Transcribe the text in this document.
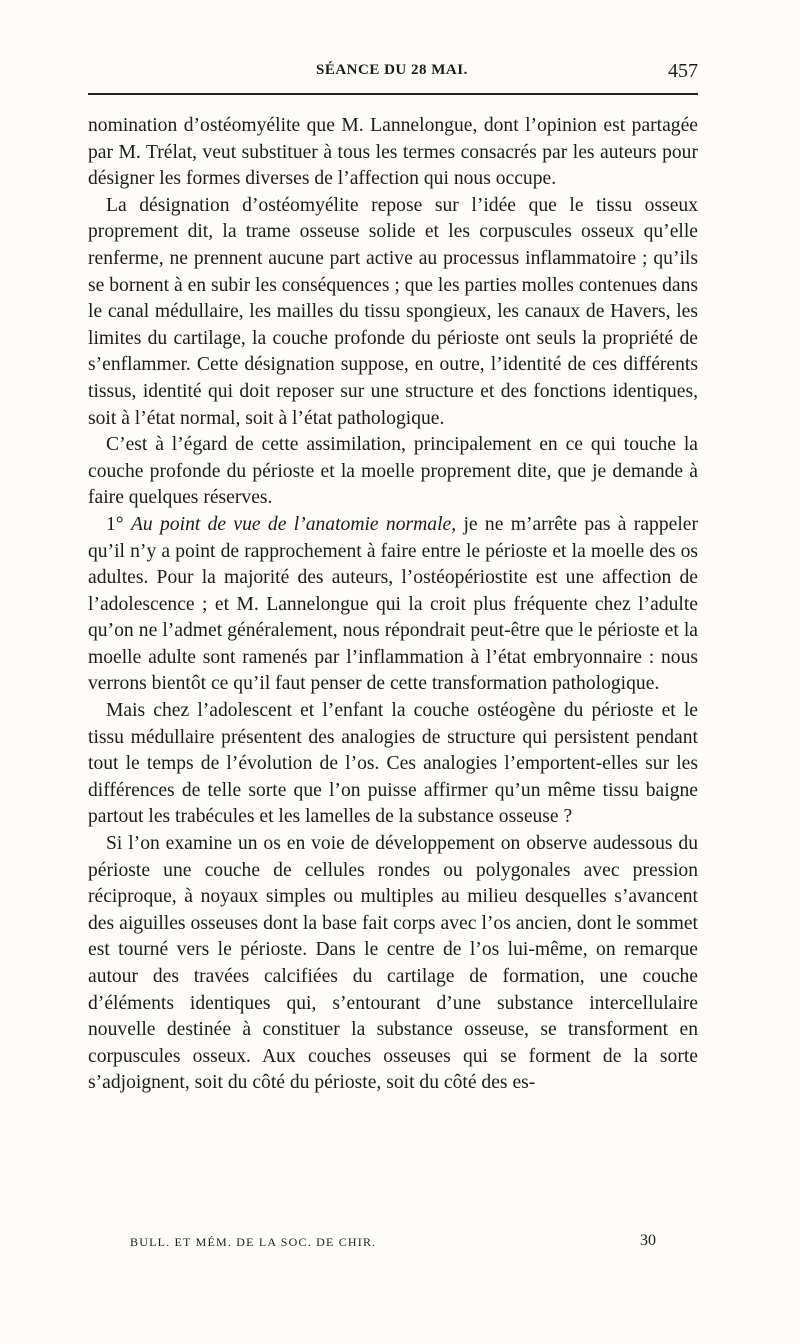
SÉANCE DU 28 MAI.	457

nomination d’ostéomyélite que M. Lannelongue, dont l’opinion est partagée par M. Trélat, veut substituer à tous les termes consacrés par les auteurs pour désigner les formes diverses de l’affection qui nous occupe.

La désignation d’ostéomyélite repose sur l’idée que le tissu osseux proprement dit, la trame osseuse solide et les corpuscules osseux qu’elle renferme, ne prennent aucune part active au processus inflammatoire ; qu’ils se bornent à en subir les conséquences ; que les parties molles contenues dans le canal médullaire, les mailles du tissu spongieux, les canaux de Havers, les limites du cartilage, la couche profonde du périoste ont seuls la propriété de s’enflammer. Cette désignation suppose, en outre, l’identité de ces différents tissus, identité qui doit reposer sur une structure et des fonctions identiques, soit à l’état normal, soit à l’état pathologique.

C’est à l’égard de cette assimilation, principalement en ce qui touche la couche profonde du périoste et la moelle proprement dite, que je demande à faire quelques réserves.

1° Au point de vue de l’anatomie normale, je ne m’arrête pas à rappeler qu’il n’y a point de rapprochement à faire entre le périoste et la moelle des os adultes. Pour la majorité des auteurs, l’ostéopériostite est une affection de l’adolescence ; et M. Lannelongue qui la croit plus fréquente chez l’adulte qu’on ne l’admet généralement, nous répondrait peut-être que le périoste et la moelle adulte sont ramenés par l’inflammation à l’état embryonnaire : nous verrons bientôt ce qu’il faut penser de cette transformation pathologique.

Mais chez l’adolescent et l’enfant la couche ostéogène du périoste et le tissu médullaire présentent des analogies de structure qui persistent pendant tout le temps de l’évolution de l’os. Ces analogies l’emportent-elles sur les différences de telle sorte que l’on puisse affirmer qu’un même tissu baigne partout les trabécules et les lamelles de la substance osseuse ?

Si l’on examine un os en voie de développement on observe audessous du périoste une couche de cellules rondes ou polygonales avec pression réciproque, à noyaux simples ou multiples au milieu desquelles s’avancent des aiguilles osseuses dont la base fait corps avec l’os ancien, dont le sommet est tourné vers le périoste. Dans le centre de l’os lui-même, on remarque autour des travées calcifiées du cartilage de formation, une couche d’éléments identiques qui, s’entourant d’une substance intercellulaire nouvelle destinée à constituer la substance osseuse, se transforment en corpuscules osseux. Aux couches osseuses qui se forment de la sorte s’adjoignent, soit du côté du périoste, soit du côté des es-

BULL. ET MÉM. DE LA SOC. DE CHIR.	30
